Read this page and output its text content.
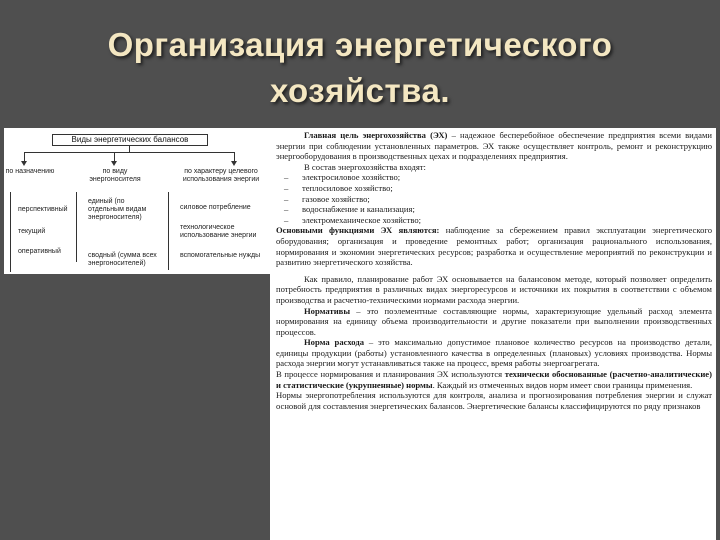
Организация энергетического
хозяйства.
Виды энергетических балансов
по назначению	по виду энергоносителя
по характеру целевого использования энергии
перспективный
текущий
оперативный
единый (по отдельным видам энергоносителя)
сводный (сумма всех энергоносителей)
силовое потребление
технологическое использование энергии
вспомогательные нужды

Главная цель энергохозяйства (ЭХ) – надежное бесперебойное обеспечение предприятия всеми видами энергии при соблюдении установленных параметров. ЭХ также осуществляет контроль, ремонт и реконструкцию энергооборудования в производственных цехах и подразделениях предприятия.

В состав энергохозяйства входят:

– электросиловое хозяйство;
– теплосиловое хозяйство;
– газовое хозяйство;
– водоснабжение и канализация;
– электромеханическое хозяйство;

Основными функциями ЭХ являются: наблюдение за сбережением правил эксплуатации энергетического оборудования; организация и проведение ремонтных работ; организация рационального использования, нормирования и экономии энергетических ресурсов; разработка и осуществление мероприятий по реконструкции и развитию энергетического хозяйства.

Как правило, планирование работ ЭХ основывается на балансовом методе, который позволяет определить потребность предприятия в различных видах энергоресурсов и источники их покрытия в соответствии с объемом производства и расчетно-техническими нормами расхода энергии.

Нормативы – это поэлементные составляющие нормы, характеризующие удельный расход элемента нормирования на единицу объема производительности и другие показатели при выполнении производственных процессов.

Норма расхода – это максимально допустимое плановое количество ресурсов на производство детали, единицы продукции (работы) установленного качества в определенных (плановых) условиях производства. Нормы расхода энергии могут устанавливаться также на процесс, время работы энергоагрегата.

В процессе нормирования и планирования ЭХ используются технически обоснованные (расчетно-аналитические) и статистические (укрупненные) нормы. Каждый из отмеченных видов норм имеет свои границы применения.

Нормы энергопотребления используются для контроля, анализа и прогнозирования потребления энергии и служат основой для составления энергетических балансов. Энергетические балансы классифицируются по ряду признаков
